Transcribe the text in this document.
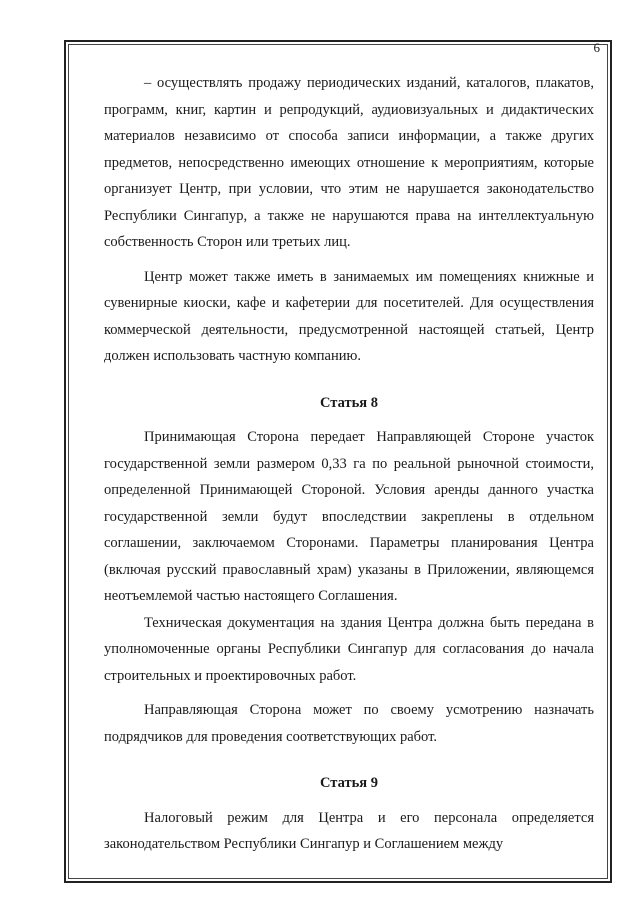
6

– осуществлять продажу периодических изданий, каталогов, плакатов, программ, книг, картин и репродукций, аудиовизуальных и дидактических материалов независимо от способа записи информации, а также других предметов, непосредственно имеющих отношение к мероприятиям, которые организует Центр, при условии, что этим не нарушается законодательство Республики Сингапур, а также не нарушаются права на интеллектуальную собственность Сторон или третьих лиц.

Центр может также иметь в занимаемых им помещениях книжные и сувенирные киоски, кафе и кафетерии для посетителей. Для осуществления коммерческой деятельности, предусмотренной настоящей статьей, Центр должен использовать частную компанию.

Статья 8

Принимающая Сторона передает Направляющей Стороне участок государственной земли размером 0,33 га по реальной рыночной стоимости, определенной Принимающей Стороной. Условия аренды данного участка государственной земли будут впоследствии закреплены в отдельном соглашении, заключаемом Сторонами. Параметры планирования Центра (включая русский православный храм) указаны в Приложении, являющемся неотъемлемой частью настоящего Соглашения.

Техническая документация на здания Центра должна быть передана в уполномоченные органы Республики Сингапур для согласования до начала строительных и проектировочных работ.

Направляющая Сторона может по своему усмотрению назначать подрядчиков для проведения соответствующих работ.

Статья 9

Налоговый режим для Центра и его персонала определяется законодательством Республики Сингапур и Соглашением между
